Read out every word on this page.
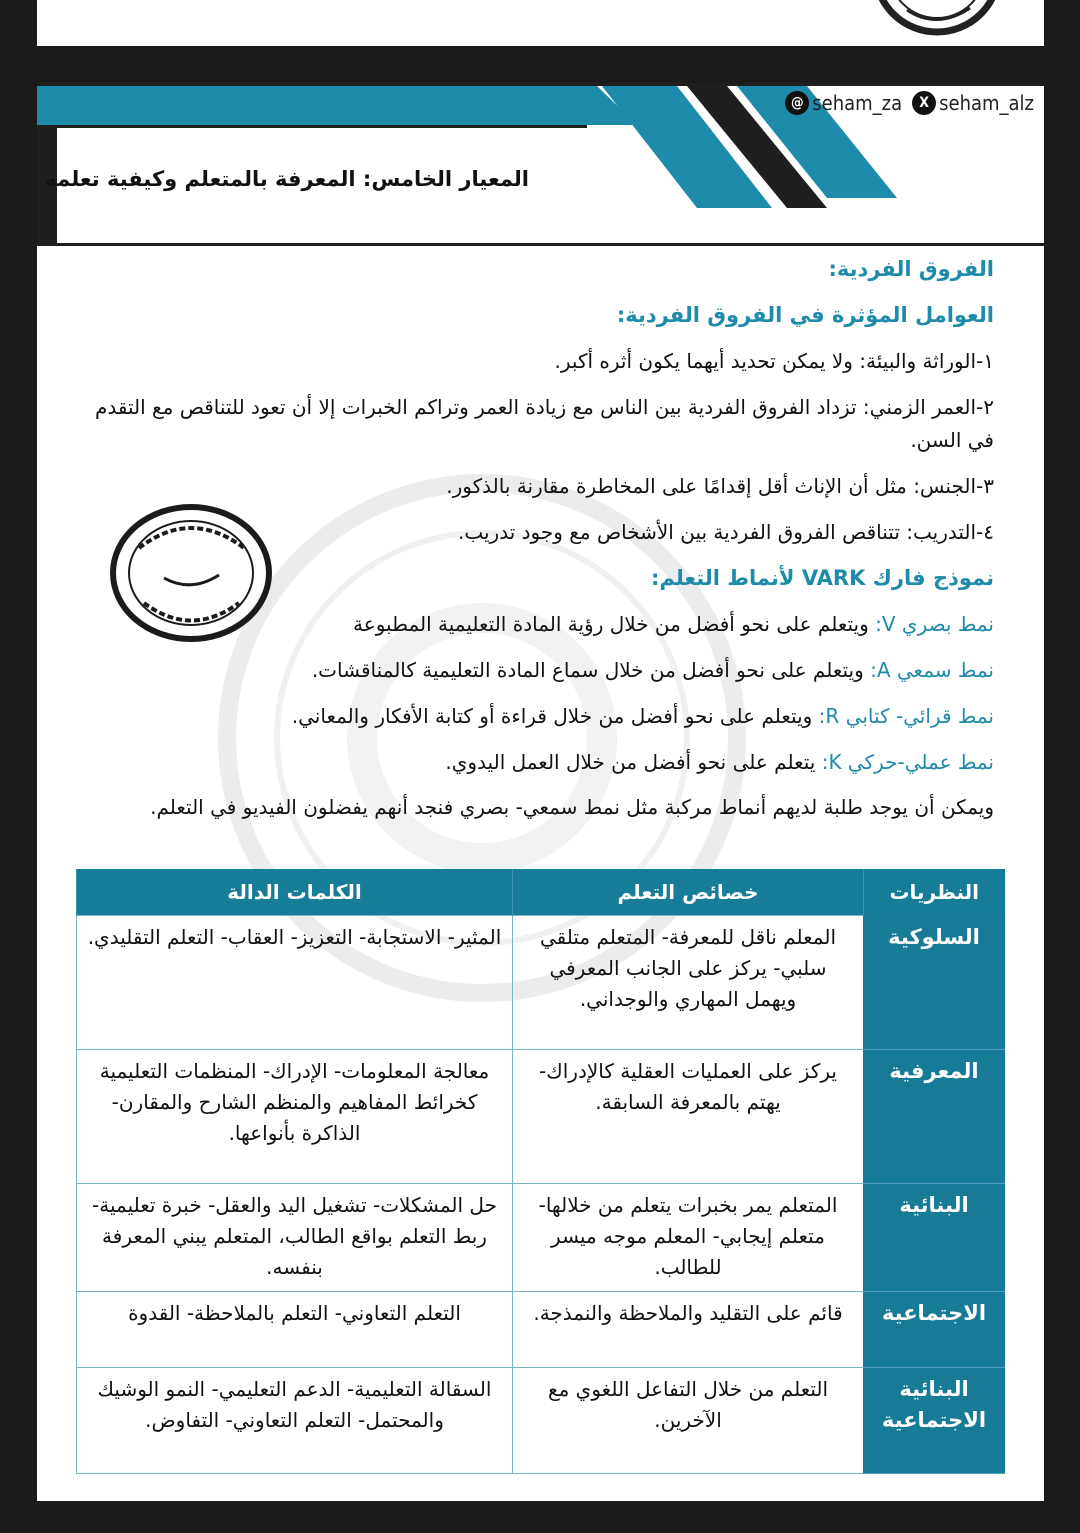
@ seham_za	X seham_alz
المعيار الخامس: المعرفة بالمتعلم وكيفية تعلمه
الفروق الفردية:
العوامل المؤثرة في الفروق الفردية:
١-الوراثة والبيئة: ولا يمكن تحديد أيهما يكون أثره أكبر.
٢-العمر الزمني: تزداد الفروق الفردية بين الناس مع زيادة العمر وتراكم الخبرات إلا أن تعود للتناقص مع التقدم في السن.
٣-الجنس: مثل أن الإناث أقل إقدامًا على المخاطرة مقارنة بالذكور.
٤-التدريب: تتناقص الفروق الفردية بين الأشخاص مع وجود تدريب.
نموذج فارك VARK لأنماط التعلم:
نمط بصري V: ويتعلم على نحو أفضل من خلال رؤية المادة التعليمية المطبوعة
نمط سمعي A: ويتعلم على نحو أفضل من خلال سماع المادة التعليمية كالمناقشات.
نمط قرائي- كتابي R: ويتعلم على نحو أفضل من خلال قراءة أو كتابة الأفكار والمعاني.
نمط عملي-حركي K: يتعلم على نحو أفضل من خلال العمل اليدوي.
ويمكن أن يوجد طلبة لديهم أنماط مركبة مثل نمط سمعي- بصري فنجد أنهم يفضلون الفيديو في التعلم.
النظريات	خصائص التعلم	الكلمات الدالة
السلوكية	المعلم ناقل للمعرفة- المتعلم متلقي سلبي- يركز على الجانب المعرفي ويهمل المهاري والوجداني.	المثير- الاستجابة- التعزيز- العقاب- التعلم التقليدي.
المعرفية	يركز على العمليات العقلية كالإدراك- يهتم بالمعرفة السابقة.	معالجة المعلومات- الإدراك- المنظمات التعليمية كخرائط المفاهيم والمنظم الشارح والمقارن- الذاكرة بأنواعها.
البنائية	المتعلم يمر بخبرات يتعلم من خلالها- متعلم إيجابي- المعلم موجه ميسر للطالب.	حل المشكلات- تشغيل اليد والعقل- خبرة تعليمية- ربط التعلم بواقع الطالب، المتعلم يبني المعرفة بنفسه.
الاجتماعية	قائم على التقليد والملاحظة والنمذجة.	التعلم التعاوني- التعلم بالملاحظة- القدوة
البنائية الاجتماعية	التعلم من خلال التفاعل اللغوي مع الآخرين.	السقالة التعليمية- الدعم التعليمي- النمو الوشيك والمحتمل- التعلم التعاوني- التفاوض.
